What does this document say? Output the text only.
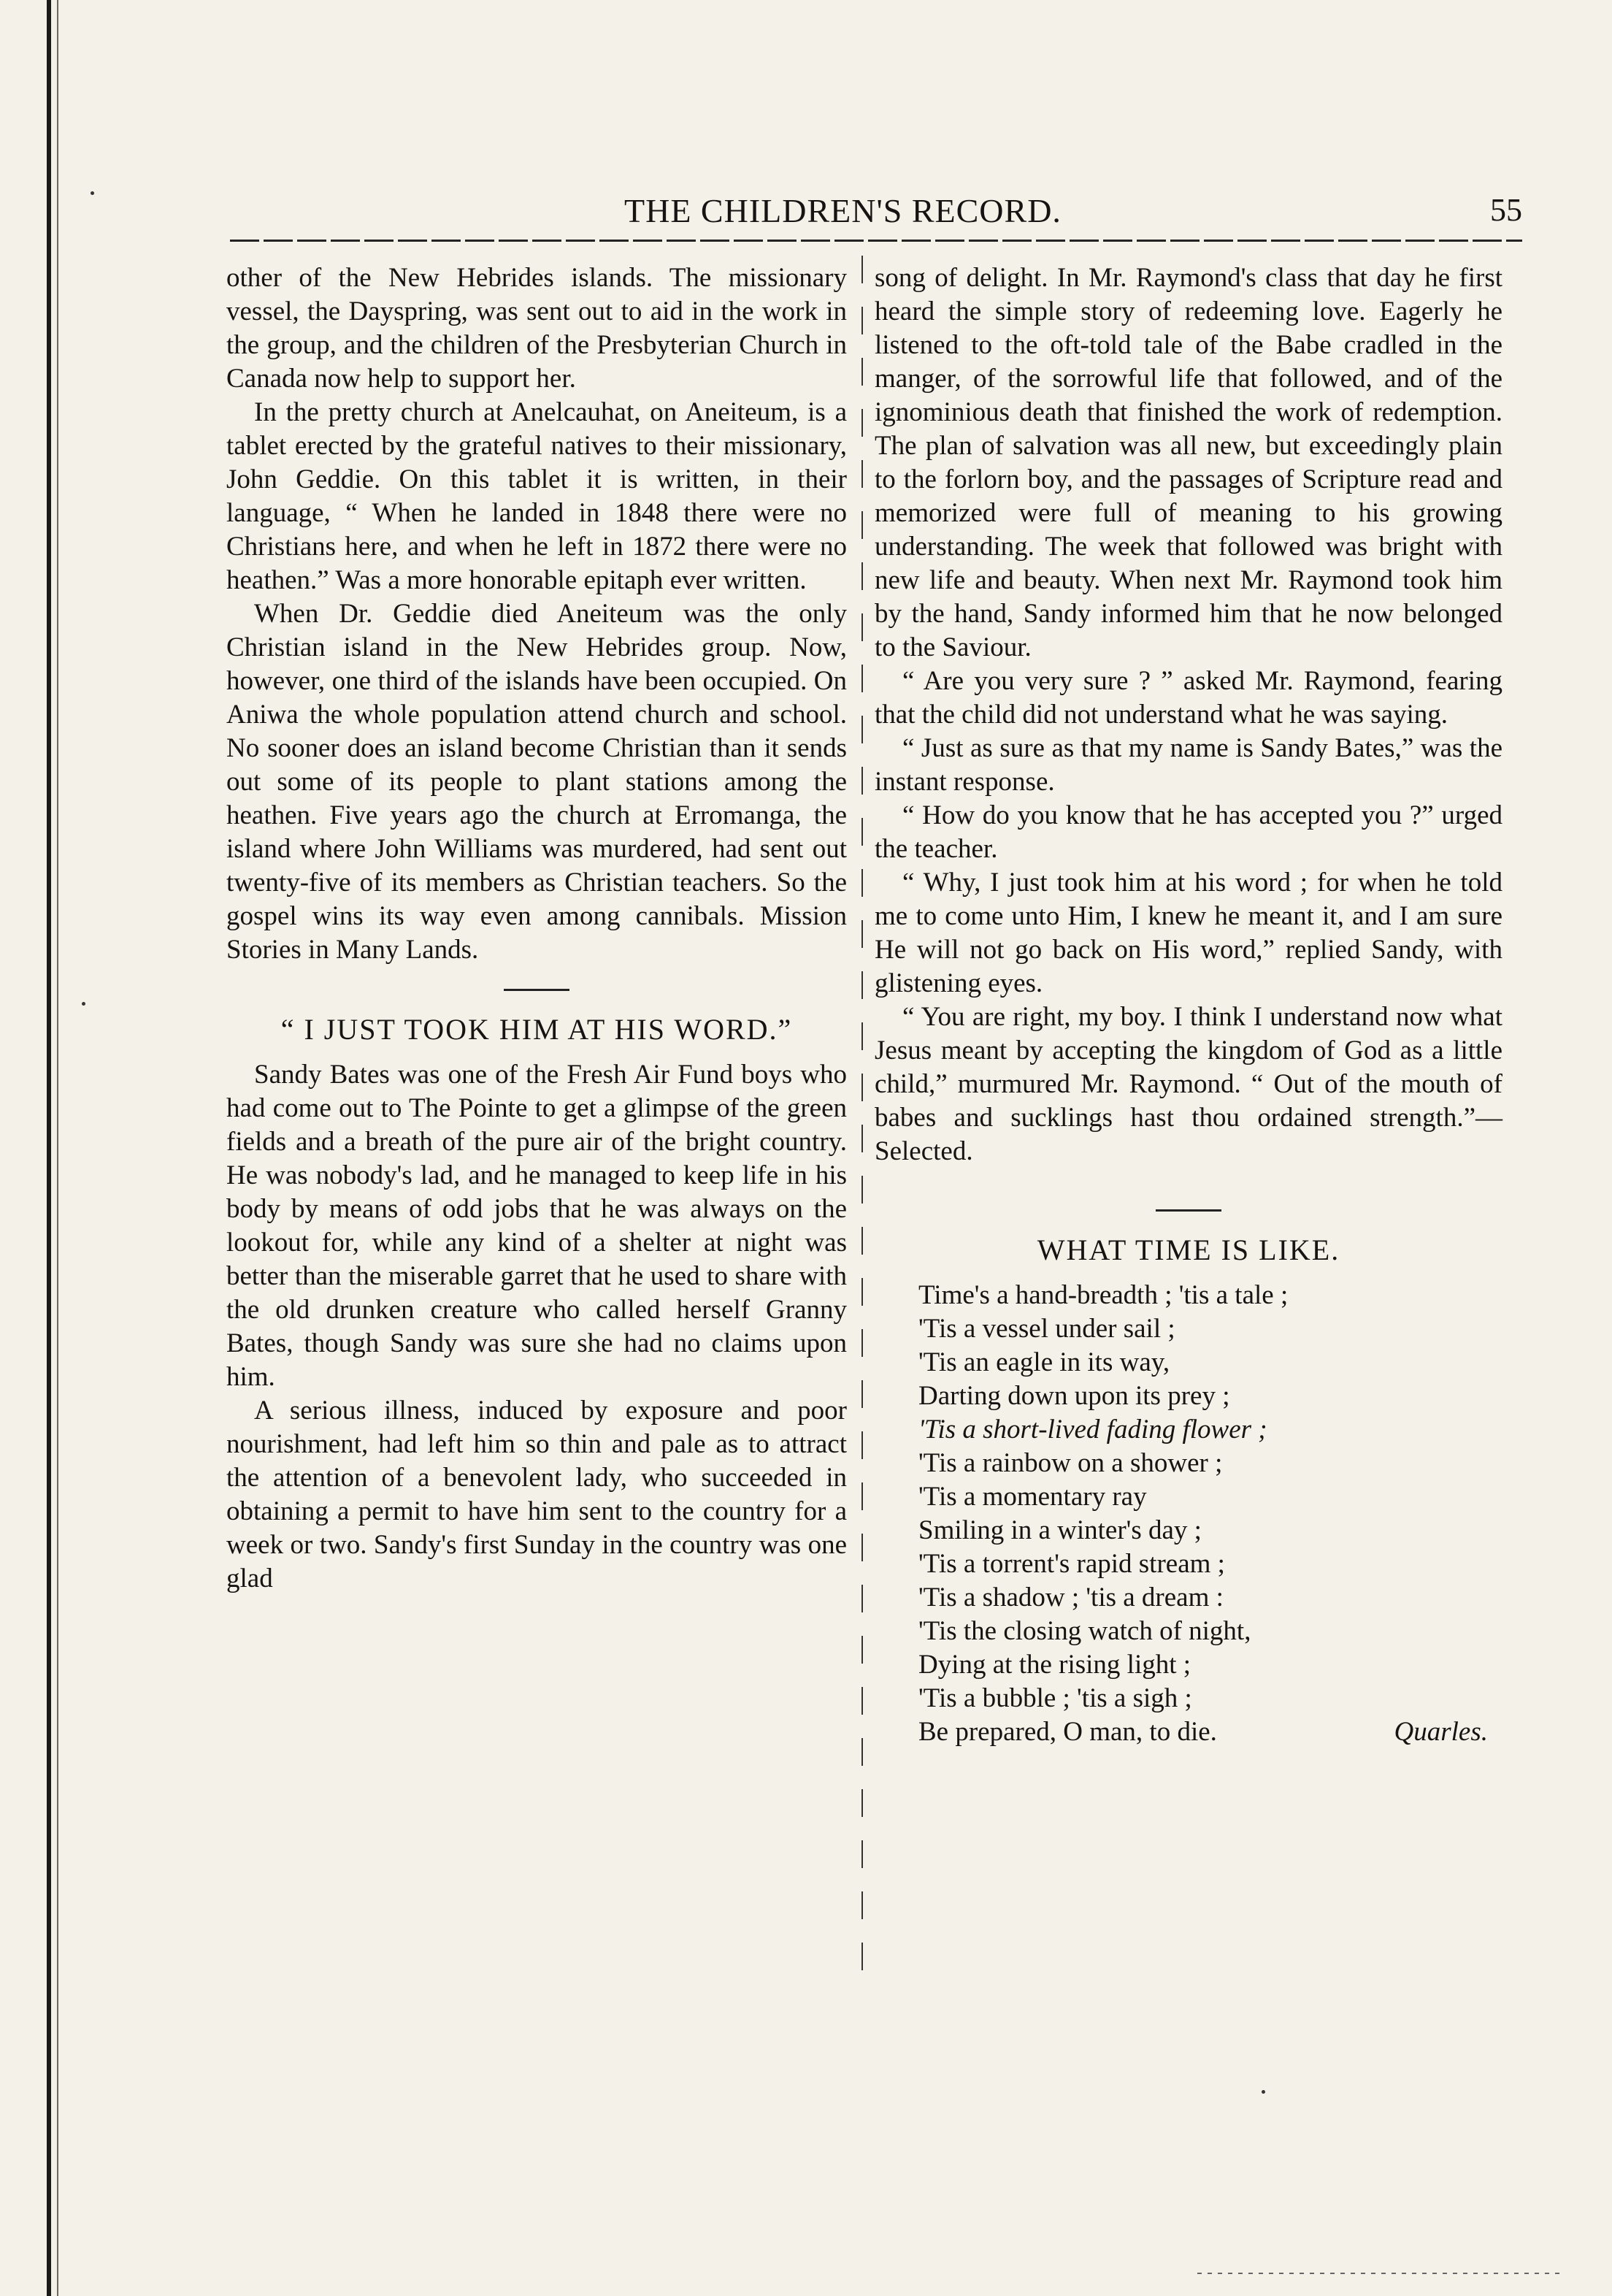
THE CHILDREN'S RECORD.	55

other of the New Hebrides islands. The missionary vessel, the Dayspring, was sent out to aid in the work in the group, and the children of the Presbyterian Church in Canada now help to support her.

In the pretty church at Anelcauhat, on Aneiteum, is a tablet erected by the grateful natives to their missionary, John Geddie. On this tablet it is written, in their language, “ When he landed in 1848 there were no Christians here, and when he left in 1872 there were no heathen.” Was a more honorable epitaph ever written.

When Dr. Geddie died Aneiteum was the only Christian island in the New Hebrides group. Now, however, one third of the islands have been occupied. On Aniwa the whole population attend church and school. No sooner does an island become Christian than it sends out some of its people to plant stations among the heathen. Five years ago the church at Erromanga, the island where John Williams was murdered, had sent out twenty-five of its members as Christian teachers. So the gospel wins its way even among cannibals. Mission Stories in Many Lands.

“ I JUST TOOK HIM AT HIS WORD.”

Sandy Bates was one of the Fresh Air Fund boys who had come out to The Pointe to get a glimpse of the green fields and a breath of the pure air of the bright country. He was nobody's lad, and he managed to keep life in his body by means of odd jobs that he was always on the lookout for, while any kind of a shelter at night was better than the miserable garret that he used to share with the old drunken creature who called herself Granny Bates, though Sandy was sure she had no claims upon him.

A serious illness, induced by exposure and poor nourishment, had left him so thin and pale as to attract the attention of a benevolent lady, who succeeded in obtaining a permit to have him sent to the country for a week or two. Sandy's first Sunday in the country was one glad

song of delight. In Mr. Raymond's class that day he first heard the simple story of redeeming love. Eagerly he listened to the oft-told tale of the Babe cradled in the manger, of the sorrowful life that followed, and of the ignominious death that finished the work of redemption. The plan of salvation was all new, but exceedingly plain to the forlorn boy, and the passages of Scripture read and memorized were full of meaning to his growing understanding. The week that followed was bright with new life and beauty. When next Mr. Raymond took him by the hand, Sandy informed him that he now belonged to the Saviour.

“ Are you very sure ? ” asked Mr. Raymond, fearing that the child did not understand what he was saying.

“ Just as sure as that my name is Sandy Bates,” was the instant response.

“ How do you know that he has accepted you ?” urged the teacher.

“ Why, I just took him at his word ; for when he told me to come unto Him, I knew he meant it, and I am sure He will not go back on His word,” replied Sandy, with glistening eyes.

“ You are right, my boy. I think I understand now what Jesus meant by accepting the kingdom of God as a little child,” murmured Mr. Raymond. “ Out of the mouth of babes and sucklings hast thou ordained strength.”—Selected.

WHAT TIME IS LIKE.
Time's a hand-breadth ; 'tis a tale ;
'Tis a vessel under sail ;
'Tis an eagle in its way,
Darting down upon its prey ;
'Tis a short-lived fading flower ;
'Tis a rainbow on a shower ;
'Tis a momentary ray
Smiling in a winter's day ;
'Tis a torrent's rapid stream ;
'Tis a shadow ; 'tis a dream :
'Tis the closing watch of night,
Dying at the rising light ;
'Tis a bubble ; 'tis a sigh ;
Be prepared, O man, to die.	Quarles.
